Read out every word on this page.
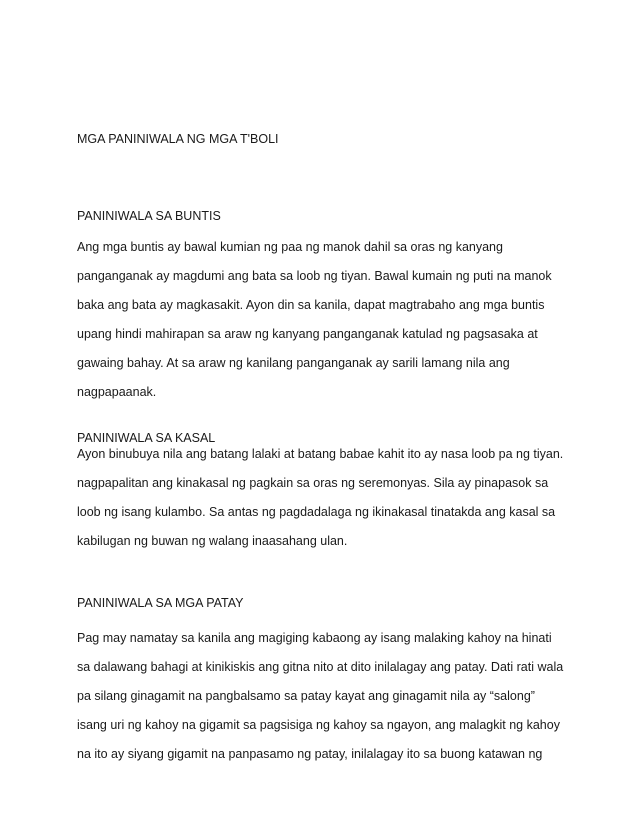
MGA PANINIWALA NG MGA T'BOLI
PANINIWALA SA BUNTIS
Ang mga buntis ay bawal kumian ng paa ng manok dahil sa oras ng kanyang
panganganak ay magdumi ang bata sa loob ng tiyan. Bawal kumain ng puti na manok
baka ang bata ay magkasakit. Ayon din sa kanila, dapat magtrabaho ang mga buntis
upang hindi mahirapan sa araw ng kanyang panganganak katulad ng pagsasaka at
gawaing bahay. At sa araw ng kanilang panganganak ay sarili lamang nila ang
nagpapaanak.
PANINIWALA SA KASAL
Ayon binubuya nila ang batang lalaki at batang babae kahit ito ay nasa loob pa ng tiyan.
nagpapalitan ang kinakasal ng pagkain sa oras ng seremonyas. Sila ay pinapasok sa
loob ng isang kulambo. Sa antas ng pagdadalaga ng ikinakasal tinatakda ang kasal sa
kabilugan ng buwan ng walang inaasahang ulan.
PANINIWALA SA MGA PATAY
Pag may namatay sa kanila ang magiging kabaong ay isang malaking kahoy na hinati
sa dalawang bahagi at kinikiskis ang gitna nito at dito inilalagay ang patay. Dati rati wala
pa silang ginagamit na pangbalsamo sa patay kayat ang ginagamit nila ay “salong”
isang uri ng kahoy na gigamit sa pagsisiga ng kahoy sa ngayon, ang malagkit ng kahoy
na ito ay siyang gigamit na panpasamo ng patay, inilalagay ito sa buong katawan ng
